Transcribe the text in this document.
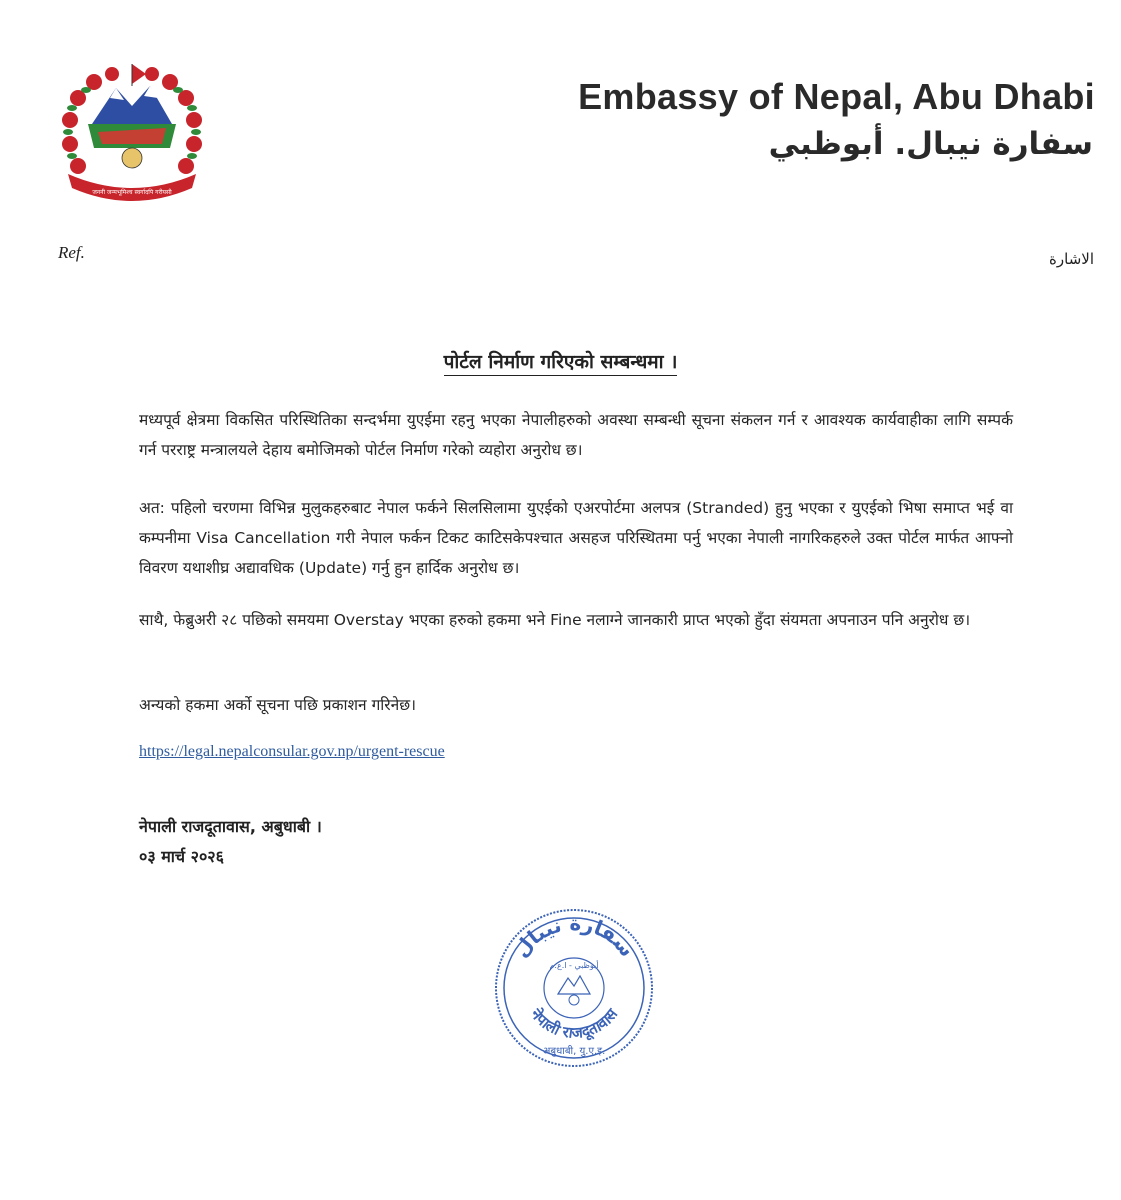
जननी जन्मभूमिश्च स्वर्गादपि गरीयसी
Embassy of Nepal, Abu Dhabi
سفارة نيبال. أبوظبي
Ref.	الاشارة
पोर्टल निर्माण गरिएको सम्बन्धमा ।
मध्यपूर्व क्षेत्रमा विकसित परिस्थितिका सन्दर्भमा युएईमा रहनु भएका नेपालीहरुको अवस्था सम्बन्धी सूचना संकलन गर्न र आवश्यक कार्यवाहीका लागि सम्पर्क गर्न परराष्ट्र मन्त्रालयले देहाय बमोजिमको पोर्टल निर्माण गरेको व्यहोरा अनुरोध छ।
अत: पहिलो चरणमा विभिन्न मुलुकहरुबाट नेपाल फर्कने सिलसिलामा युएईको एअरपोर्टमा अलपत्र (Stranded) हुनु भएका र युएईको भिषा समाप्त भई वा कम्पनीमा Visa Cancellation गरी नेपाल फर्कन टिकट काटिसकेपश्चात असहज परिस्थितमा पर्नु भएका नेपाली नागरिकहरुले उक्त पोर्टल मार्फत आफ्नो विवरण यथाशीघ्र अद्यावधिक (Update) गर्नु हुन हार्दिक अनुरोध छ।
साथै, फेब्रुअरी २८ पछिको समयमा Overstay भएका हरुको हकमा भने Fine नलाग्ने जानकारी प्राप्त भएको हुँदा संयमता अपनाउन पनि अनुरोध छ।
अन्यको हकमा अर्को सूचना पछि प्रकाशन गरिनेछ।
https://legal.nepalconsular.gov.np/urgent-rescue
नेपाली राजदूतावास, अबुधाबी ।
०३ मार्च २०२६
سفارة نيبال
أبوظبي - ا.ع.م
नेपाली राजदूतावास
अबुधाबी, यु.ए.इ.
